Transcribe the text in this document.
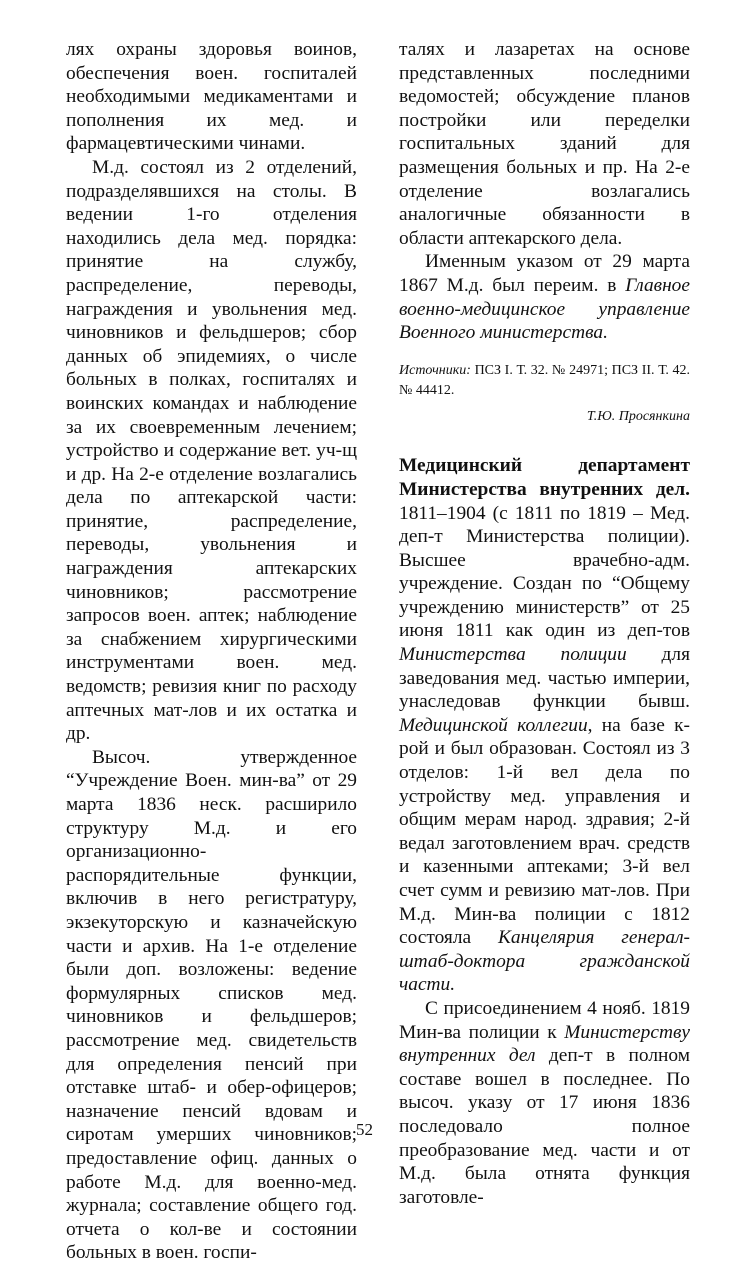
лях охраны здоровья воинов, обеспечения воен. госпиталей необходимыми медикаментами и пополнения их мед. и фармацевтическими чинами.

М.д. состоял из 2 отделений, подразделявшихся на столы. В ведении 1-го отделения находились дела мед. порядка: принятие на службу, распределение, переводы, награждения и увольнения мед. чиновников и фельдшеров; сбор данных об эпидемиях, о числе больных в полках, госпиталях и воинских командах и наблюдение за их своевременным лечением; устройство и содержание вет. уч-щ и др. На 2-е отделение возлагались дела по аптекарской части: принятие, распределение, переводы, увольнения и награждения аптекарских чиновников; рассмотрение запросов воен. аптек; наблюдение за снабжением хирургическими инструментами воен. мед. ведомств; ревизия книг по расходу аптечных мат-лов и их остатка и др.

Высоч. утвержденное “Учреждение Воен. мин-ва” от 29 марта 1836 неск. расширило структуру М.д. и его организационно-распорядительные функции, включив в него регистратуру, экзекуторскую и казначейскую части и архив. На 1-е отделение были доп. возложены: ведение формулярных списков мед. чиновников и фельдшеров; рассмотрение мед. свидетельств для определения пенсий при отставке штаб- и обер-офицеров; назначение пенсий вдовам и сиротам умерших чиновников; предоставление офиц. данных о работе М.д. для военно-мед. журнала; составление общего год. отчета о кол-ве и состоянии больных в воен. госпи-

талях и лазаретах на основе представленных последними ведомостей; обсуждение планов постройки или переделки госпитальных зданий для размещения больных и пр. На 2-е отделение возлагались аналогичные обязанности в области аптекарского дела.

Именным указом от 29 марта 1867 М.д. был переим. в Главное военно-медицинское управление Военного министерства.

Источники: ПСЗ I. Т. 32. № 24971; ПСЗ II. Т. 42. № 44412.

Т.Ю. Просянкина

Медицинский департамент Министерства внутренних дел. 1811–1904 (с 1811 по 1819 – Мед. деп-т Министерства полиции). Высшее врачебно-адм. учреждение. Создан по “Общему учреждению министерств” от 25 июня 1811 как один из деп-тов Министерства полиции для заведования мед. частью империи, унаследовав функции бывш. Медицинской коллегии, на базе к-рой и был образован. Состоял из 3 отделов: 1-й вел дела по устройству мед. управления и общим мерам народ. здравия; 2-й ведал заготовлением врач. средств и казенными аптеками; 3-й вел счет сумм и ревизию мат-лов. При М.д. Мин-ва полиции с 1812 состояла Канцелярия генерал-штаб-доктора гражданской части.

С присоединением 4 нояб. 1819 Мин-ва полиции к Министерству внутренних дел деп-т в полном составе вошел в последнее. По высоч. указу от 17 июня 1836 последовало полное преобразование мед. части и от М.д. была отнята функция заготовле-

52
